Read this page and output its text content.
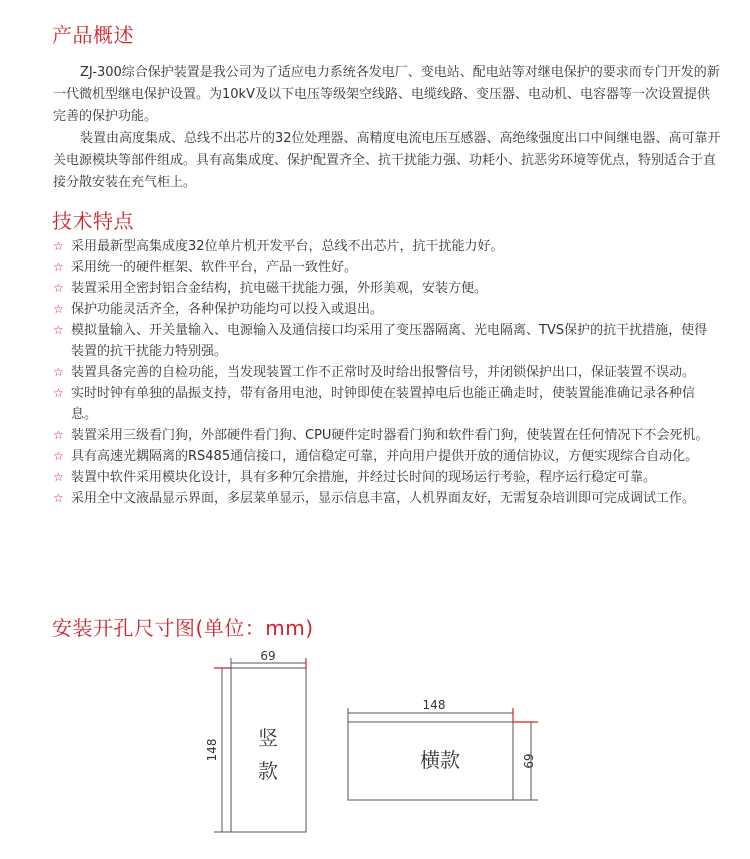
产品概述

ZJ-300综合保护装置是我公司为了适应电力系统各发电厂、变电站、配电站等对继电保护的要求而专门开发的新一代微机型继电保护设置。为10kV及以下电压等级架空线路、电缆线路、变压器、电动机、电容器等一次设置提供完善的保护功能。

装置由高度集成、总线不出芯片的32位处理器、高精度电流电压互感器、高绝缘强度出口中间继电器、高可靠开关电源模块等部件组成。具有高集成度、保护配置齐全、抗干扰能力强、功耗小、抗恶劣环境等优点，特别适合于直接分散安装在充气柜上。

技术特点
☆ 采用最新型高集成度32位单片机开发平台，总线不出芯片，抗干扰能力好。
☆ 采用统一的硬件框架、软件平台，产品一致性好。
☆ 装置采用全密封铝合金结构，抗电磁干扰能力强，外形美观，安装方便。
☆ 保护功能灵活齐全，各种保护功能均可以投入或退出。
☆ 模拟量输入、开关量输入、电源输入及通信接口均采用了变压器隔离、光电隔离、TVS保护的抗干扰措施，使得装置的抗干扰能力特别强。
☆ 装置具备完善的自检功能，当发现装置工作不正常时及时给出报警信号，并闭锁保护出口，保证装置不误动。
☆ 实时时钟有单独的晶振支持，带有备用电池，时钟即使在装置掉电后也能正确走时，使装置能准确记录各种信息。
☆ 装置采用三级看门狗，外部硬件看门狗、CPU硬件定时器看门狗和软件看门狗，使装置在任何情况下不会死机。
☆ 具有高速光耦隔离的RS485通信接口，通信稳定可靠，并向用户提供开放的通信协议，方便实现综合自动化。
☆ 装置中软件采用模块化设计，具有多种冗余措施，并经过长时间的现场运行考验，程序运行稳定可靠。
☆ 采用全中文液晶显示界面，多层菜单显示，显示信息丰富，人机界面友好，无需复杂培训即可完成调试工作。
安装开孔尺寸图(单位：mm)
69
148 竖
款
148
69
横款
